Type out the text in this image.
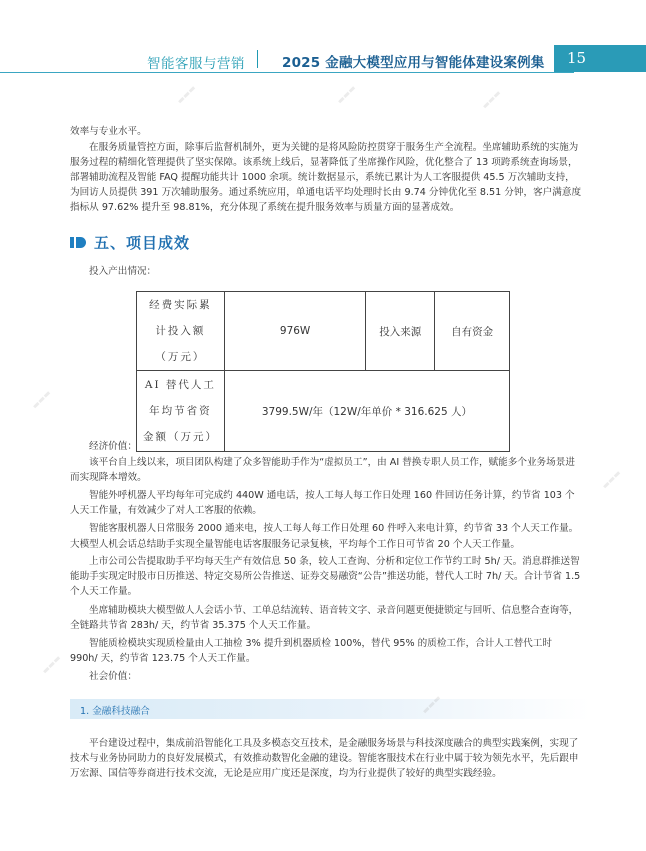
智能客服与营销	2025 金融大模型应用与智能体建设案例集	15
效率与专业水平。
在服务质量管控方面，除事后监督机制外，更为关键的是将风险防控贯穿于服务生产全流程。坐席辅助系统的实施为服务过程的精细化管理提供了坚实保障。该系统上线后，显著降低了坐席操作风险，优化整合了 13 项跨系统查询场景，部署辅助流程及智能 FAQ 提醒功能共计 1000 余项。统计数据显示，系统已累计为人工客服提供 45.5 万次辅助支持，为回访人员提供 391 万次辅助服务。通过系统应用，单通电话平均处理时长由 9.74 分钟优化至 8.51 分钟，客户满意度指标从 97.62% 提升至 98.81%，充分体现了系统在提升服务效率与质量方面的显著成效。
五、项目成效
投入产出情况：
经费实际累计投入额（万元）	976W	投入来源	自有资金
AI 替代人工年均节省资金额（万元）	3799.5W/年（12W/年单价 * 316.625 人）		
经济价值：
该平台自上线以来，项目团队构建了众多智能助手作为“虚拟员工”，由 AI 替换专职人员工作，赋能多个业务场景进而实现降本增效。
智能外呼机器人平均每年可完成约 440W 通电话，按人工每人每工作日处理 160 件回访任务计算，约节省 103 个人天工作量，有效减少了对人工客服的依赖。
智能客服机器人日常服务 2000 通来电，按人工每人每工作日处理 60 件呼入来电计算，约节省 33 个人天工作量。
大模型人机会话总结助手实现全量智能电话客服服务记录复核，平均每个工作日可节省 20 个人天工作量。
上市公司公告提取助手平均每天生产有效信息 50 条，较人工查询、分析和定位工作节约工时 5h/ 天。消息群推送智能助手实现定时股市日历推送、特定交易所公告推送、证券交易融资“公告”推送功能，替代人工时 7h/ 天。合计节省 1.5 个人天工作量。
坐席辅助模块大模型做人人会话小节、工单总结流转、语音转文字、录音问题更便捷锁定与回听、信息整合查询等，全链路共节省 283h/ 天，约节省 35.375 个人天工作量。
智能质检模块实现质检量由人工抽检 3% 提升到机器质检 100%，替代 95% 的质检工作，合计人工替代工时 990h/ 天，约节省 123.75 个人天工作量。
社会价值：
1. 金融科技融合
平台建设过程中，集成前沿智能化工具及多模态交互技术，是金融服务场景与科技深度融合的典型实践案例，实现了技术与业务协同助力的良好发展模式，有效推动数智化金融的建设。智能客服技术在行业中属于较为领先水平，先后跟申万宏源、国信等券商进行技术交流，无论是应用广度还是深度，均为行业提供了较好的典型实践经验。
▬▬▬	▬▬▬	▬▬▬
▬▬▬
▬▬▬
▬▬▬
